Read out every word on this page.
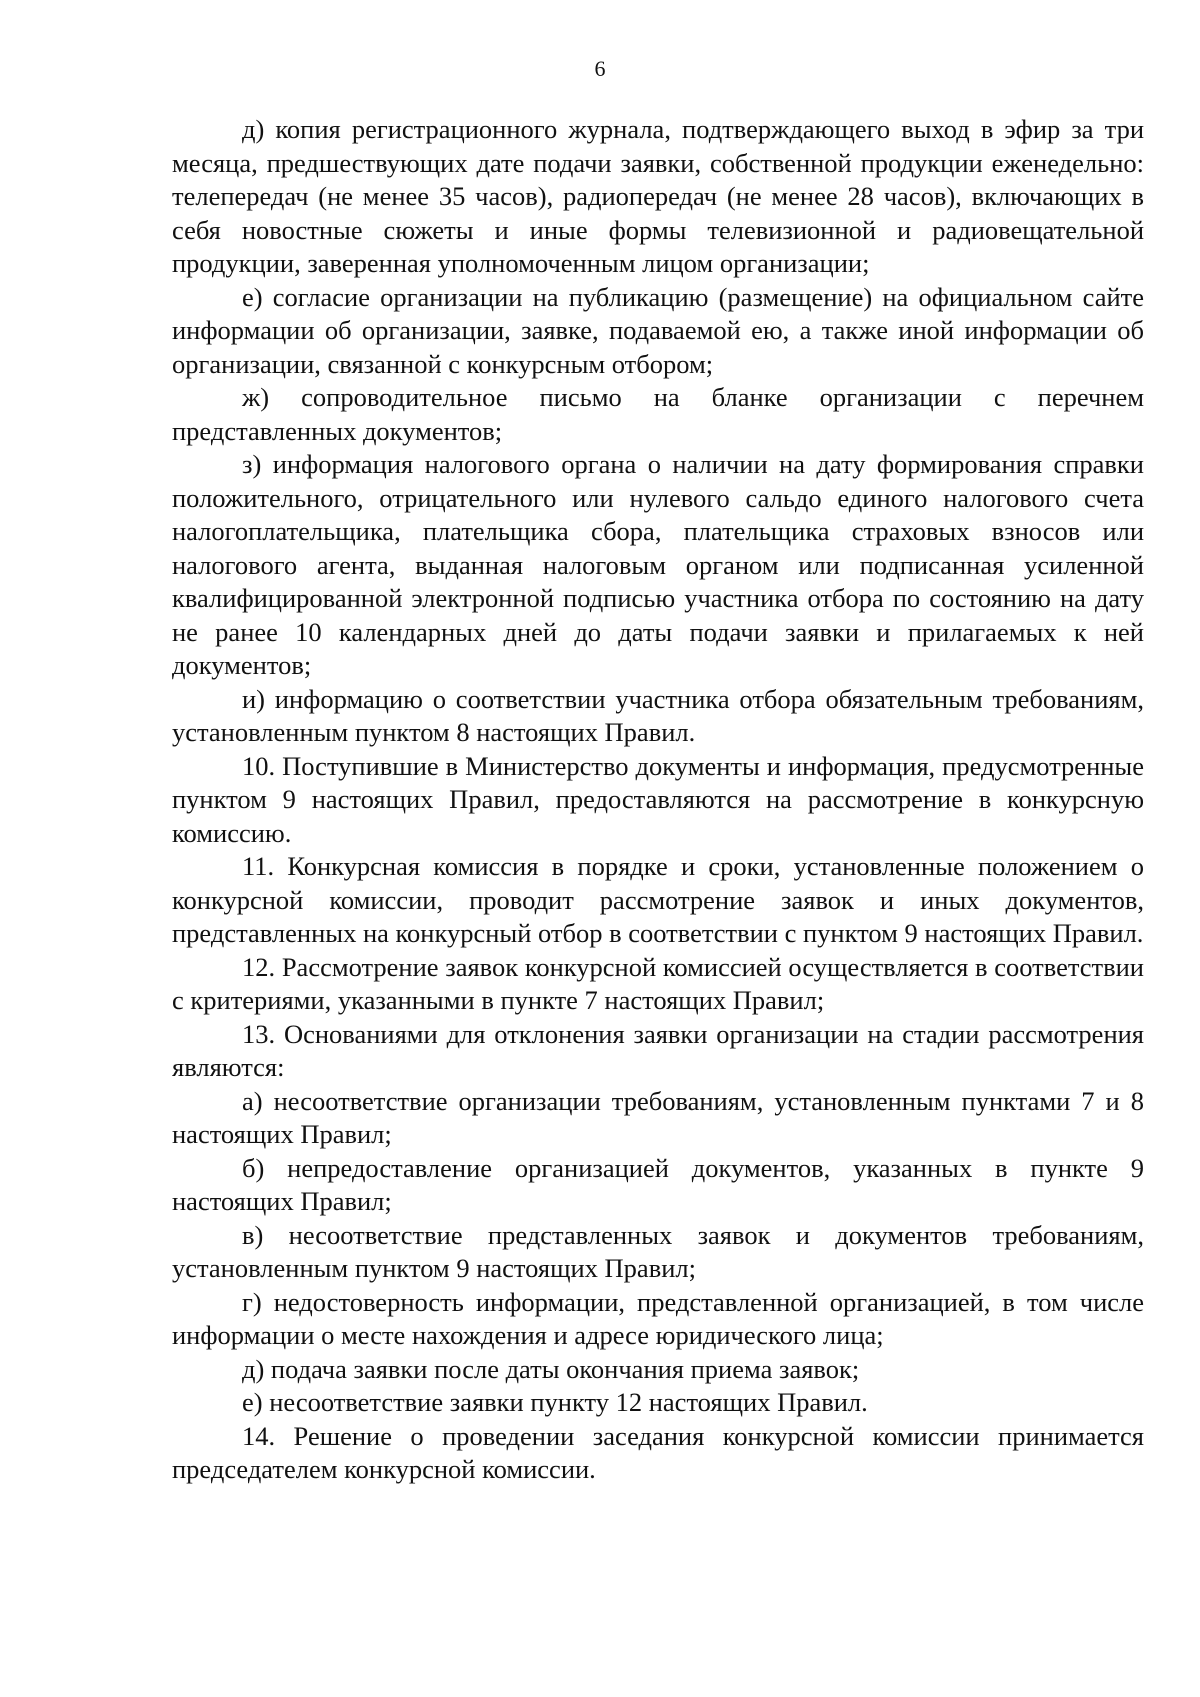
6

д) копия регистрационного журнала, подтверждающего выход в эфир за три месяца, предшествующих дате подачи заявки, собственной продукции еженедельно: телепередач (не менее 35 часов), радиопередач (не менее 28 часов), включающих в себя новостные сюжеты и иные формы телевизионной и радиовещательной продукции, заверенная уполномоченным лицом организации;

е) согласие организации на публикацию (размещение) на официальном сайте информации об организации, заявке, подаваемой ею, а также иной информации об организации, связанной с конкурсным отбором;

ж) сопроводительное письмо на бланке организации с перечнем представленных документов;

з) информация налогового органа о наличии на дату формирования справки положительного, отрицательного или нулевого сальдо единого налогового счета налогоплательщика, плательщика сбора, плательщика страховых взносов или налогового агента, выданная налоговым органом или подписанная усиленной квалифицированной электронной подписью участника отбора по состоянию на дату не ранее 10 календарных дней до даты подачи заявки и прилагаемых к ней документов;

и) информацию о соответствии участника отбора обязательным требованиям, установленным пунктом 8 настоящих Правил.

10. Поступившие в Министерство документы и информация, предусмотренные пунктом 9 настоящих Правил, предоставляются на рассмотрение в конкурсную комиссию.

11. Конкурсная комиссия в порядке и сроки, установленные положением о конкурсной комиссии, проводит рассмотрение заявок и иных документов, представленных на конкурсный отбор в соответствии с пунктом 9 настоящих Правил.

12. Рассмотрение заявок конкурсной комиссией осуществляется в соответствии с критериями, указанными в пункте 7 настоящих Правил;

13. Основаниями для отклонения заявки организации на стадии рассмотрения являются:

а) несоответствие организации требованиям, установленным пунктами 7 и 8 настоящих Правил;

б) непредоставление организацией документов, указанных в пункте 9 настоящих Правил;

в) несоответствие представленных заявок и документов требованиям, установленным пунктом 9 настоящих Правил;

г) недостоверность информации, представленной организацией, в том числе информации о месте нахождения и адресе юридического лица;

д) подача заявки после даты окончания приема заявок;

е) несоответствие заявки пункту 12 настоящих Правил.

14. Решение о проведении заседания конкурсной комиссии принимается председателем конкурсной комиссии.
